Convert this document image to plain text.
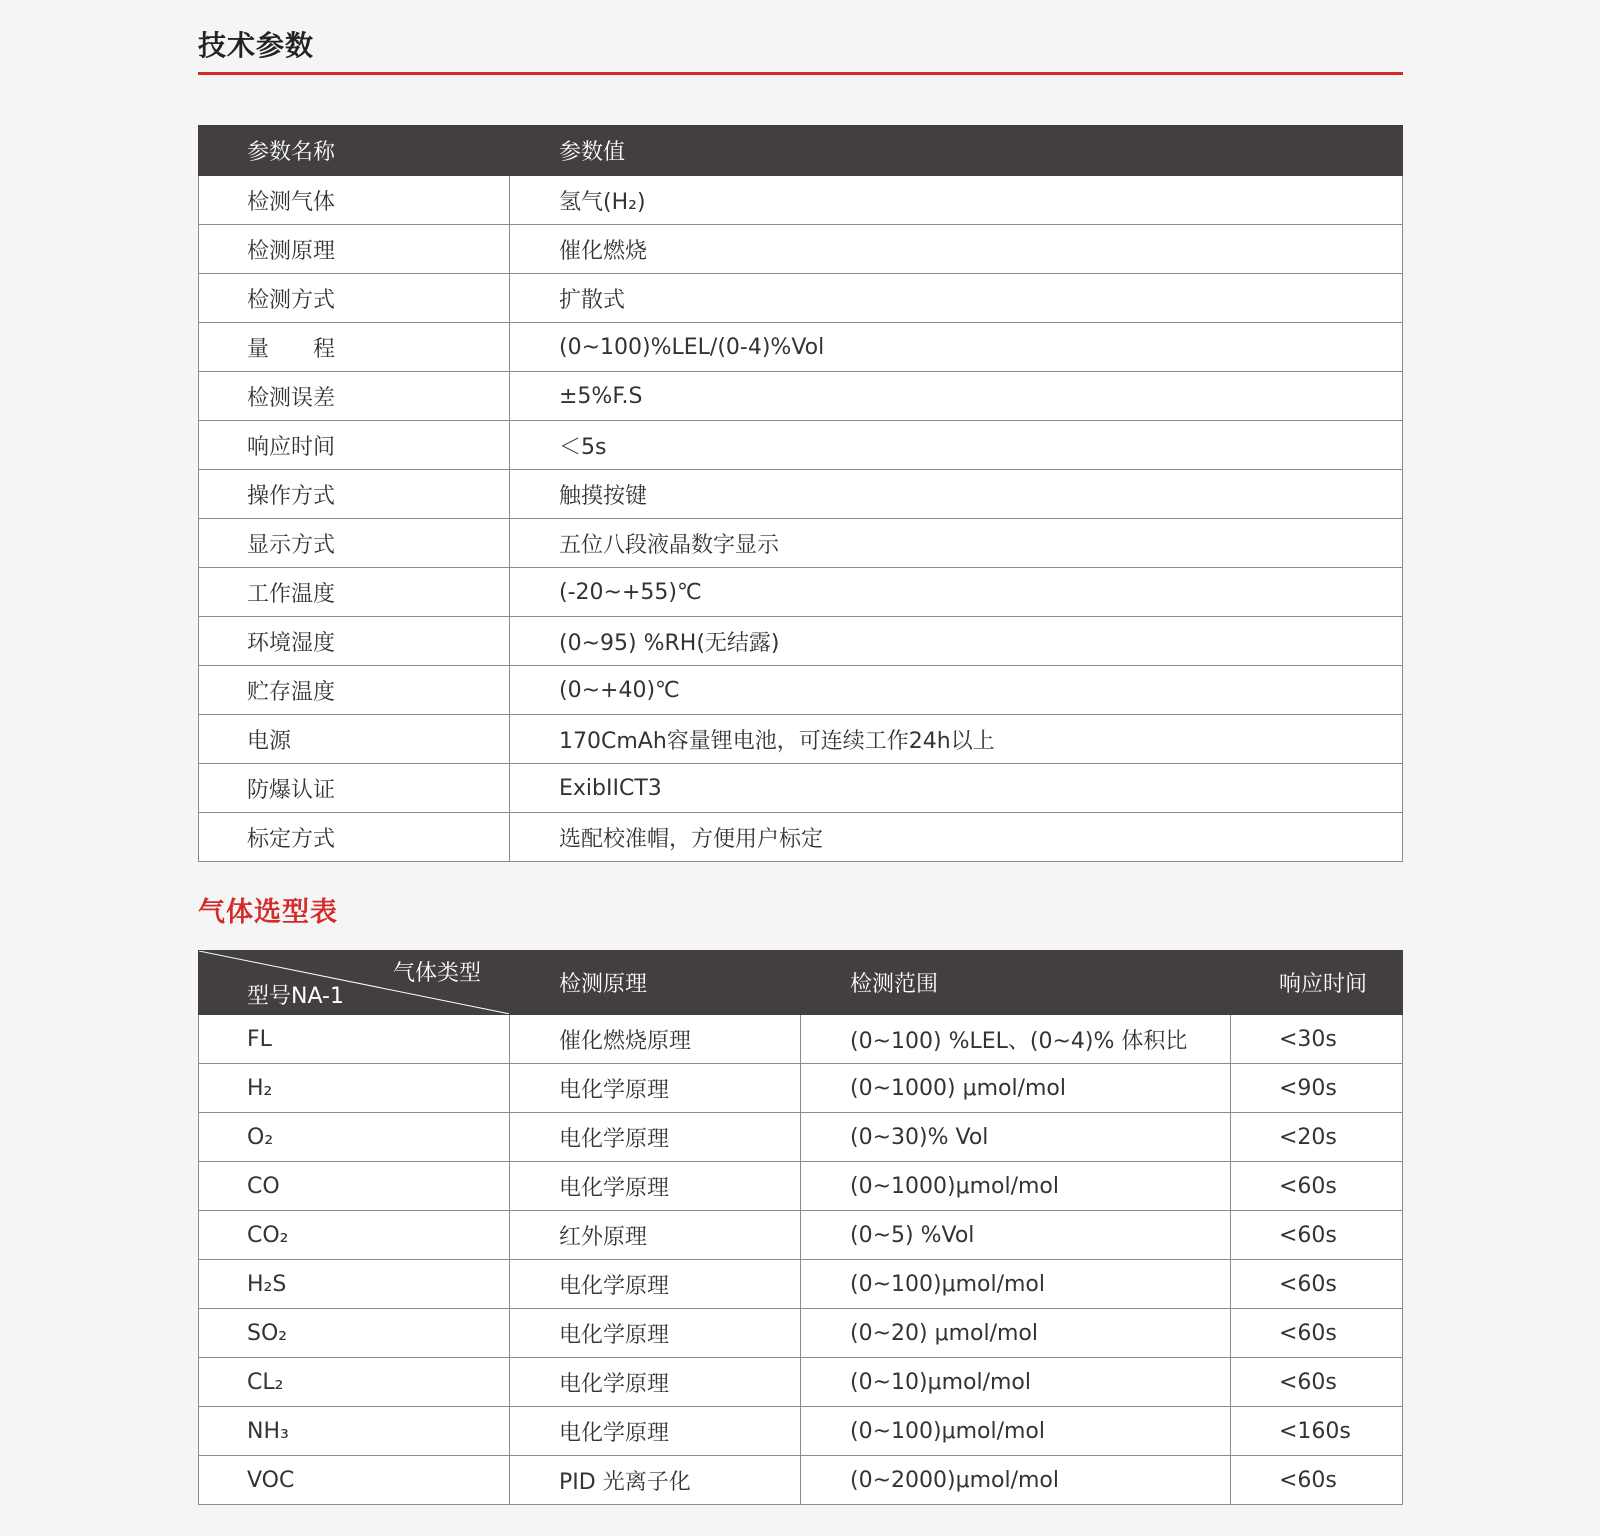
技术参数
参数名称	参数值
检测气体	氢气(H₂)
检测原理	催化燃烧
检测方式	扩散式
量　　程	(0~100)%LEL/(0-4)%Vol
检测误差	±5%F.S
响应时间	＜5s
操作方式	触摸按键
显示方式	五位八段液晶数字显示
工作温度	(-20~+55)℃
环境湿度	(0~95) %RH(无结露)
贮存温度	(0~+40)℃
电源	170CmAh容量锂电池，可连续工作24h以上
防爆认证	ExibIICT3
标定方式	选配校准帽，方便用户标定
气体选型表
气体类型
型号NA-1	检测原理	检测范围	响应时间
FL	催化燃烧原理	(0~100) %LEL、(0~4)% 体积比	<30s
H₂	电化学原理	(0~1000) μmol/mol	<90s
O₂	电化学原理	(0~30)% Vol	<20s
CO	电化学原理	(0~1000)μmol/mol	<60s
CO₂	红外原理	(0~5) %Vol	<60s
H₂S	电化学原理	(0~100)μmol/mol	<60s
SO₂	电化学原理	(0~20) μmol/mol	<60s
CL₂	电化学原理	(0~10)μmol/mol	<60s
NH₃	电化学原理	(0~100)μmol/mol	<160s
VOC	PID 光离子化	(0~2000)μmol/mol	<60s
